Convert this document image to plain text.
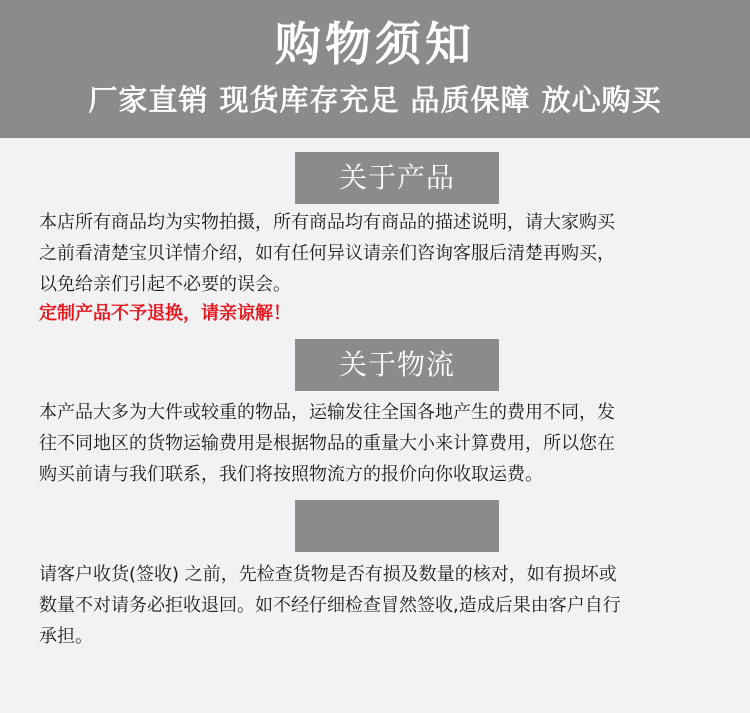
购物须知
厂家直销 现货库存充足 品质保障 放心购买
关于产品
本店所有商品均为实物拍摄，所有商品均有商品的描述说明，请大家购买
之前看清楚宝贝详情介绍，如有任何异议请亲们咨询客服后清楚再购买，
以免给亲们引起不必要的误会。
定制产品不予退换，请亲谅解！
关于物流
本产品大多为大件或较重的物品，运输发往全国各地产生的费用不同，发
往不同地区的货物运输费用是根据物品的重量大小来计算费用，所以您在
购买前请与我们联系，我们将按照物流方的报价向你收取运费。
请客户收货(签收) 之前，先检查货物是否有损及数量的核对，如有损坏或
数量不对请务必拒收退回。如不经仔细检查冒然签收,造成后果由客户自行
承担。
